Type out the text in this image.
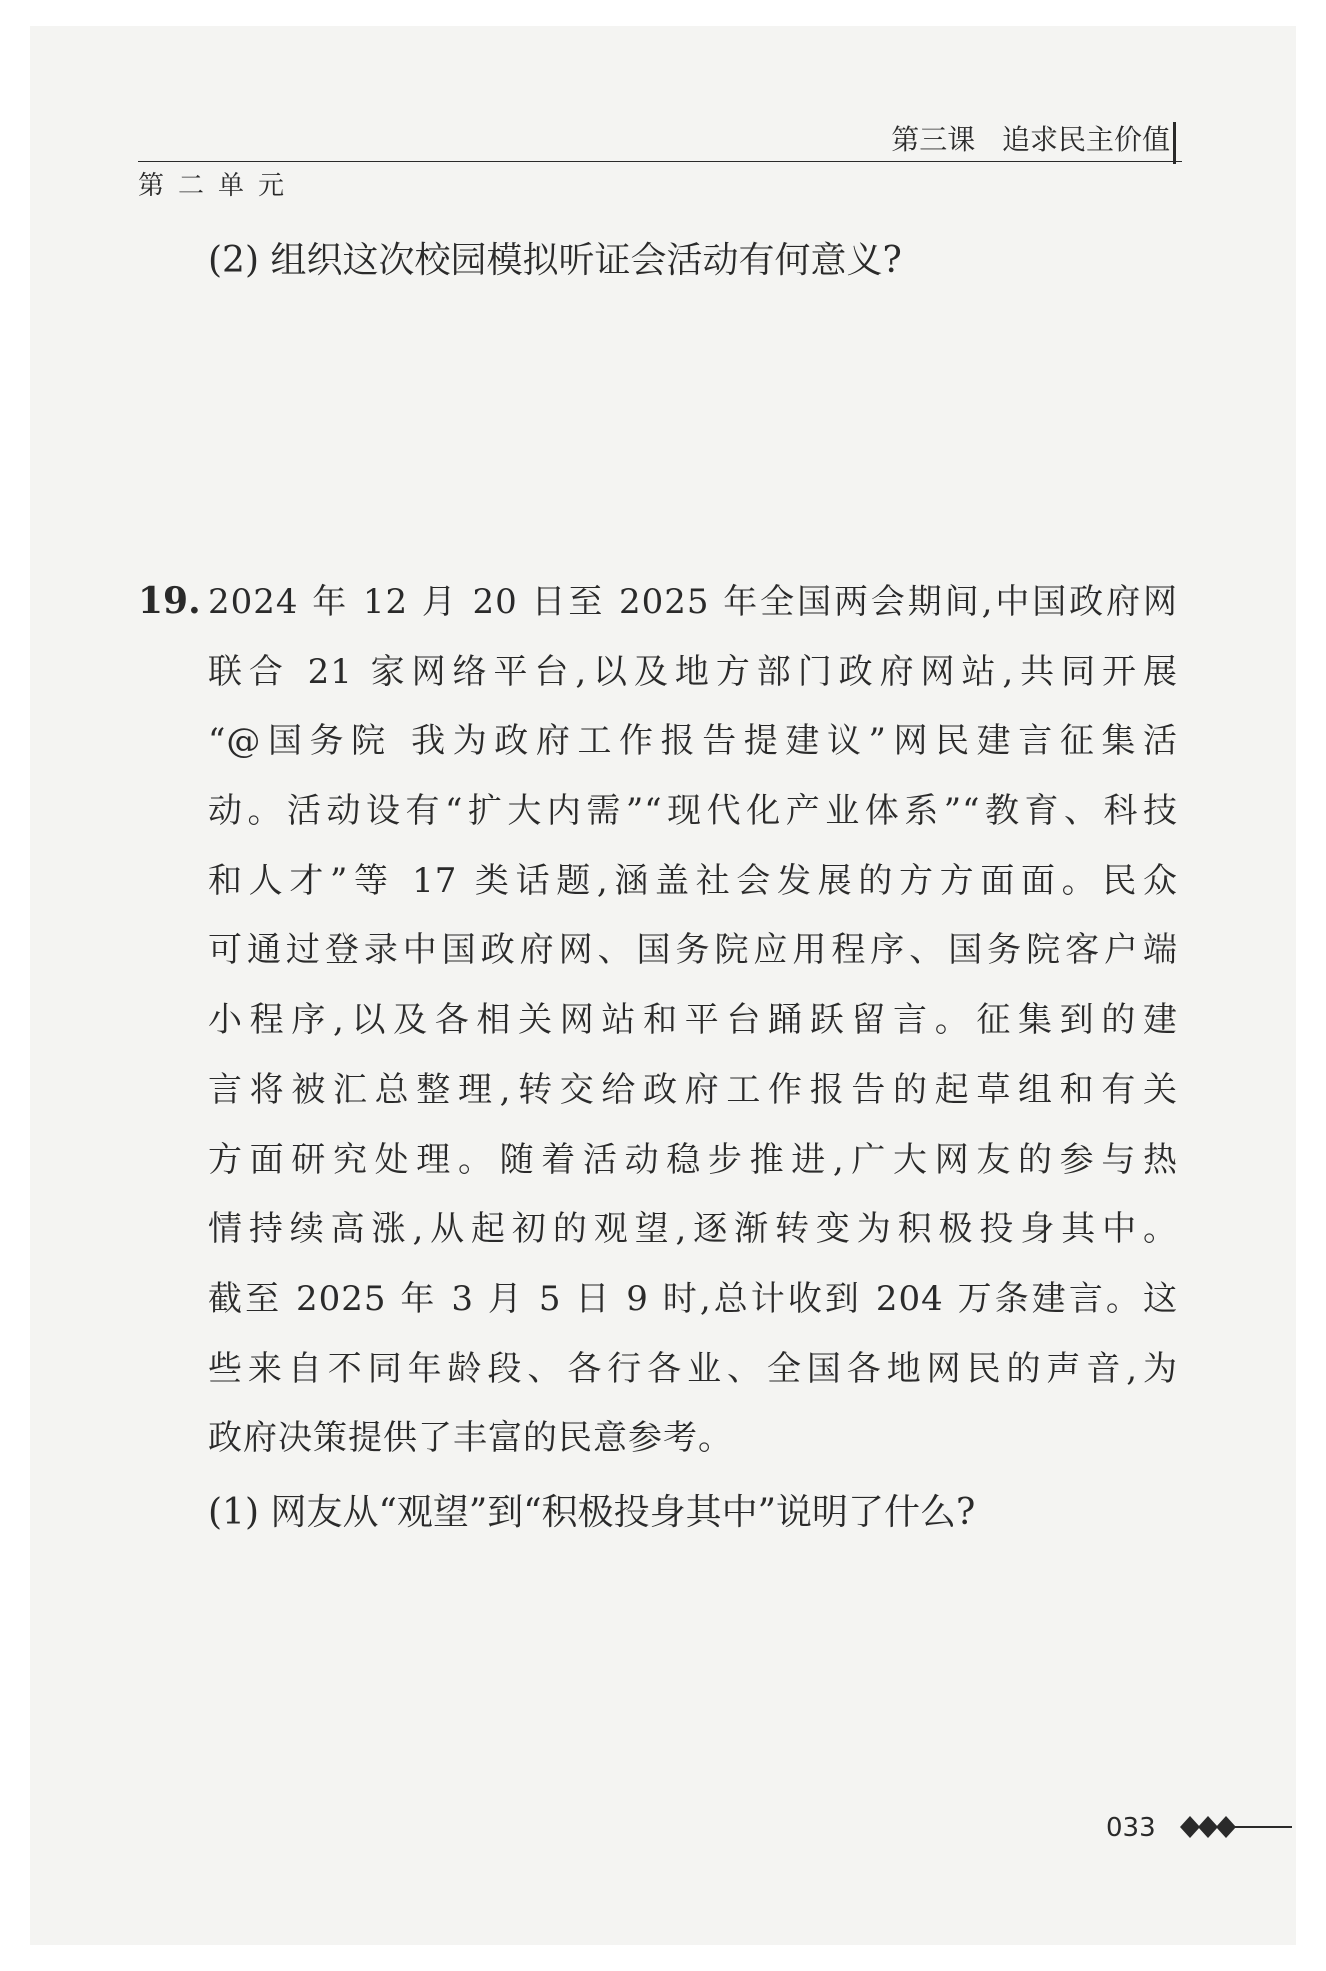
第三课   追求民主价值
第二单元
(2) 组织这次校园模拟听证会活动有何意义?
19. 2024 年 12 月 20 日至 2025 年全国两会期间,中国政府网
联合 21 家网络平台,以及地方部门政府网站,共同开展
“@国务院 我为政府工作报告提建议”网民建言征集活
动。活动设有“扩大内需”“现代化产业体系”“教育、科技
和人才”等 17 类话题,涵盖社会发展的方方面面。民众
可通过登录中国政府网、国务院应用程序、国务院客户端
小程序,以及各相关网站和平台踊跃留言。征集到的建
言将被汇总整理,转交给政府工作报告的起草组和有关
方面研究处理。随着活动稳步推进,广大网友的参与热
情持续高涨,从起初的观望,逐渐转变为积极投身其中。
截至 2025 年 3 月 5 日 9 时,总计收到 204 万条建言。这
些来自不同年龄段、各行各业、全国各地网民的声音,为
政府决策提供了丰富的民意参考。
(1) 网友从“观望”到“积极投身其中”说明了什么?
033
